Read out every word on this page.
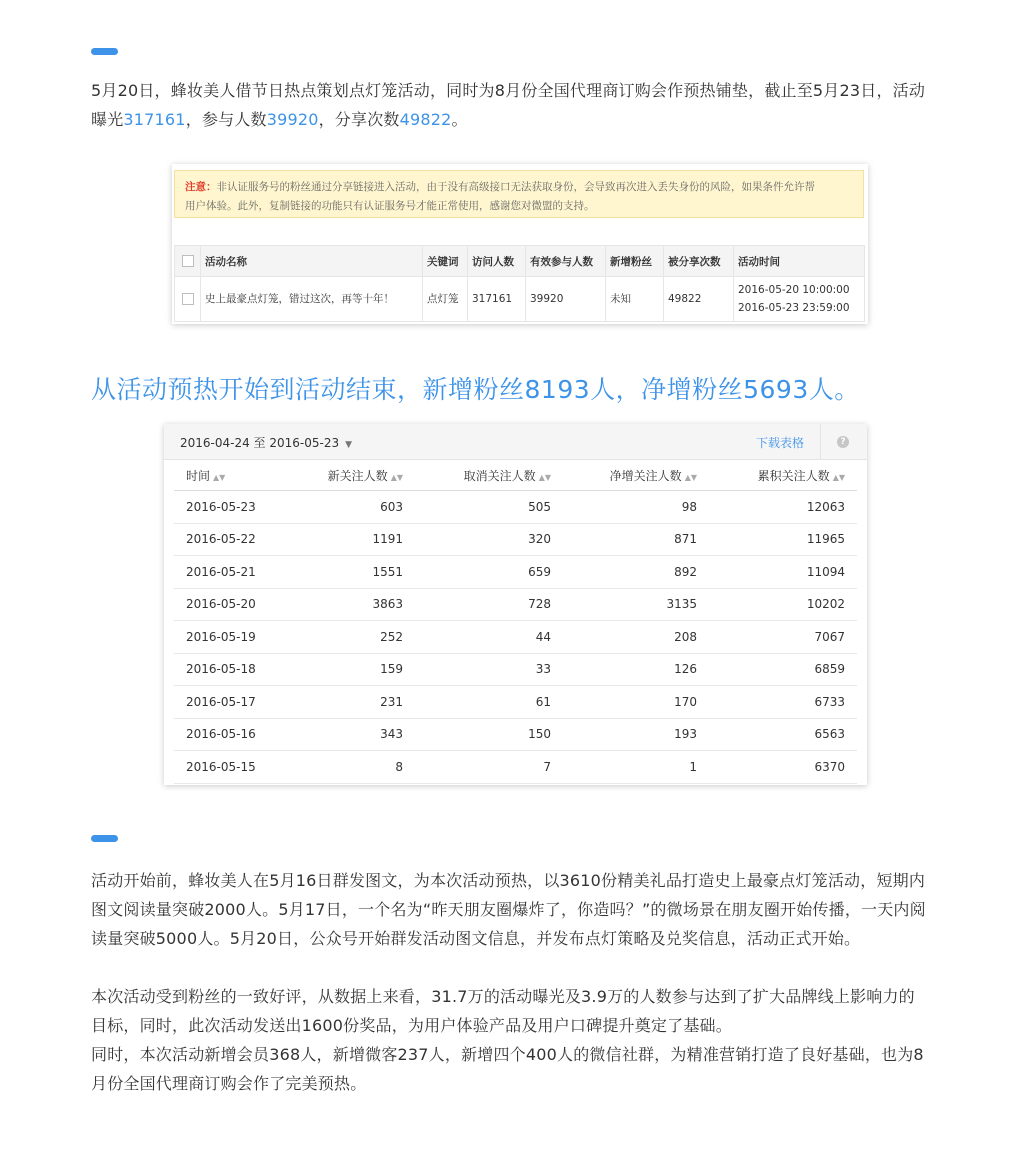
5月20日，蜂妆美人借节日热点策划点灯笼活动，同时为8月份全国代理商订购会作预热铺垫，截止至5月23日，活动曝光317161，参与人数39920，分享次数49822。
注意：非认证服务号的粉丝通过分享链接进入活动，由于没有高级接口无法获取身份，会导致再次进入丢失身份的风险，如果条件允许帮
用户体验。此外，复制链接的功能只有认证服务号才能正常使用，感谢您对微盟的支持。
	活动名称	关键词	访问人数	有效参与人数	新增粉丝	被分享次数	活动时间
	史上最豪点灯笼，错过这次，再等十年！	点灯笼	317161	39920	未知	49822	2016-05-20 10:00:00
2016-05-23 23:59:00
从活动预热开始到活动结束，新增粉丝8193人，净增粉丝5693人。
2016-04-24 至 2016-05-23 ▼	下载表格	?
时间 ▲▼	新关注人数 ▲▼	取消关注人数 ▲▼	净增关注人数 ▲▼	累积关注人数 ▲▼
2016-05-23	603	505	98	12063
2016-05-22	1191	320	871	11965
2016-05-21	1551	659	892	11094
2016-05-20	3863	728	3135	10202
2016-05-19	252	44	208	7067
2016-05-18	159	33	126	6859
2016-05-17	231	61	170	6733
2016-05-16	343	150	193	6563
2016-05-15	8	7	1	6370
活动开始前，蜂妆美人在5月16日群发图文，为本次活动预热，以3610份精美礼品打造史上最豪点灯笼活动，短期内图文阅读量突破2000人。5月17日，一个名为“昨天朋友圈爆炸了，你造吗？”的微场景在朋友圈开始传播，一天内阅读量突破5000人。5月20日，公众号开始群发活动图文信息，并发布点灯策略及兑奖信息，活动正式开始。
本次活动受到粉丝的一致好评，从数据上来看，31.7万的活动曝光及3.9万的人数参与达到了扩大品牌线上影响力的目标，同时，此次活动发送出1600份奖品，为用户体验产品及用户口碑提升奠定了基础。
同时，本次活动新增会员368人，新增微客237人，新增四个400人的微信社群，为精准营销打造了良好基础，也为8月份全国代理商订购会作了完美预热。
